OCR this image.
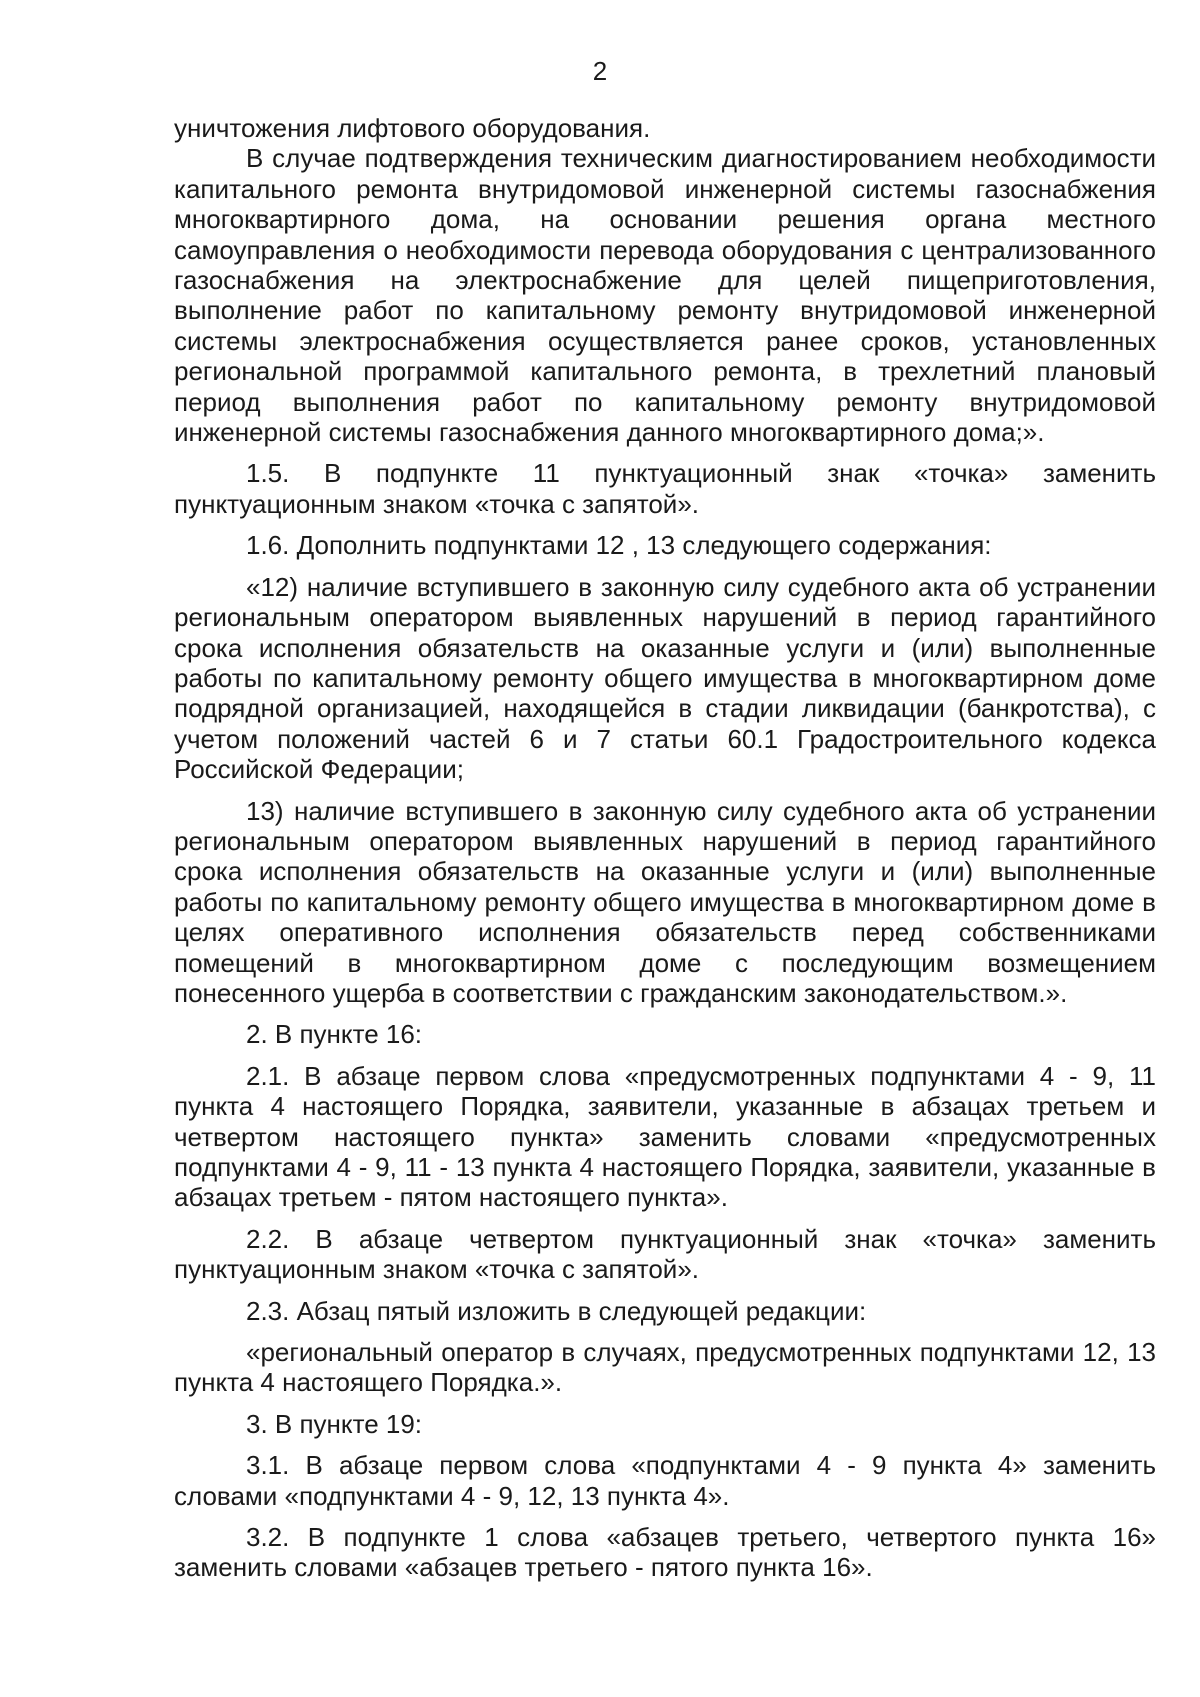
2

уничтожения лифтового оборудования.

В случае подтверждения техническим диагностированием необходимости капитального ремонта внутридомовой инженерной системы газоснабжения многоквартирного дома, на основании решения органа местного самоуправления о необходимости перевода оборудования с централизованного газоснабжения на электроснабжение для целей пищеприготовления, выполнение работ по капитальному ремонту внутридомовой инженерной системы электроснабжения осуществляется ранее сроков, установленных региональной программой капитального ремонта, в трехлетний плановый период выполнения работ по капитальному ремонту внутридомовой инженерной системы газоснабжения данного многоквартирного дома;».

1.5. В подпункте 11 пунктуационный знак «точка» заменить пунктуационным знаком «точка с запятой».

1.6. Дополнить подпунктами 12 , 13 следующего содержания:

«12) наличие вступившего в законную силу судебного акта об устранении региональным оператором выявленных нарушений в период гарантийного срока исполнения обязательств на оказанные услуги и (или) выполненные работы по капитальному ремонту общего имущества в многоквартирном доме подрядной организацией, находящейся в стадии ликвидации (банкротства), с учетом положений частей 6 и 7 статьи 60.1 Градостроительного кодекса Российской Федерации;

13) наличие вступившего в законную силу судебного акта об устранении региональным оператором выявленных нарушений в период гарантийного срока исполнения обязательств на оказанные услуги и (или) выполненные работы по капитальному ремонту общего имущества в многоквартирном доме в целях оперативного исполнения обязательств перед собственниками помещений в многоквартирном доме с последующим возмещением понесенного ущерба в соответствии с гражданским законодательством.».

2. В пункте 16:

2.1. В абзаце первом слова «предусмотренных подпунктами 4 - 9, 11 пункта 4 настоящего Порядка, заявители, указанные в абзацах третьем и четвертом настоящего пункта» заменить словами «предусмотренных подпунктами 4 - 9, 11 - 13 пункта 4 настоящего Порядка, заявители, указанные в абзацах третьем - пятом настоящего пункта».

2.2. В абзаце четвертом пунктуационный знак «точка» заменить пунктуационным знаком «точка с запятой».

2.3. Абзац пятый изложить в следующей редакции:

«региональный оператор в случаях, предусмотренных подпунктами 12, 13 пункта 4 настоящего Порядка.».

3. В пункте 19:

3.1. В абзаце первом слова «подпунктами 4 - 9 пункта 4» заменить словами «подпунктами 4 - 9, 12, 13 пункта 4».

3.2. В подпункте 1 слова «абзацев третьего, четвертого пункта 16» заменить словами «абзацев третьего - пятого пункта 16».
